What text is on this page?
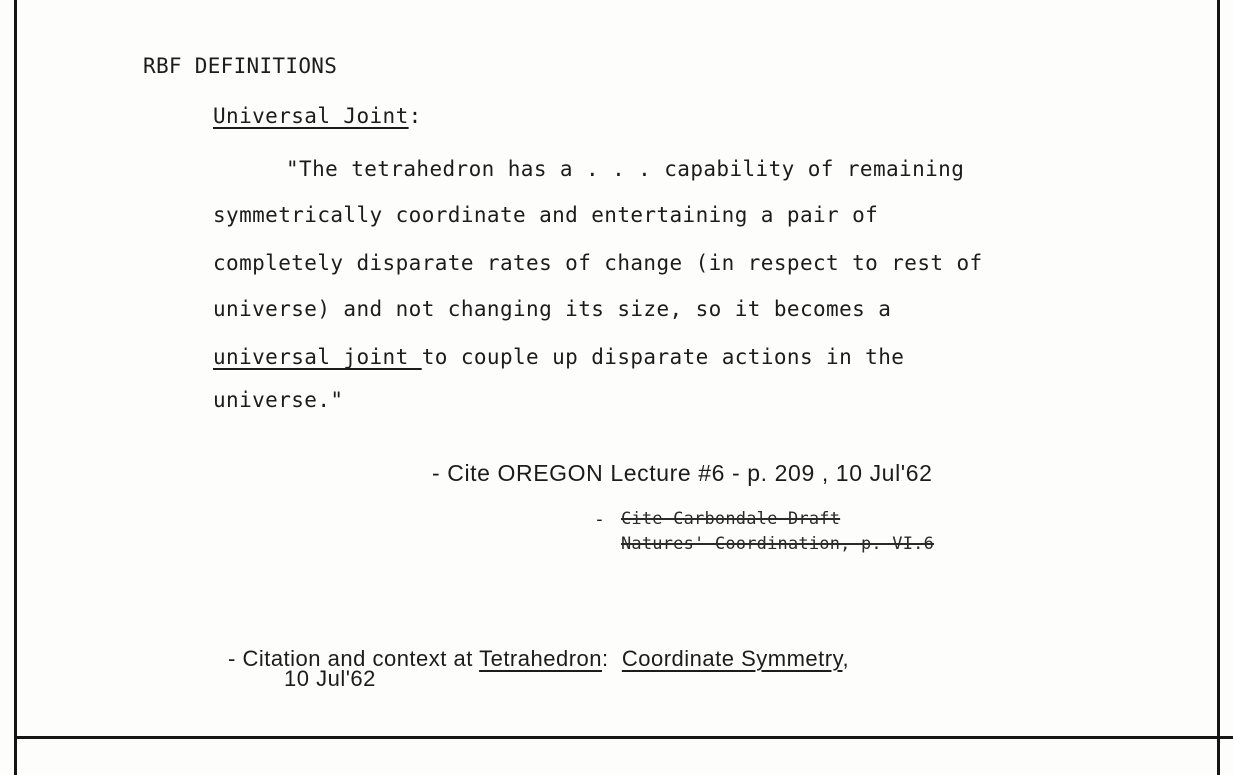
RBF DEFINITIONS
Universal Joint:
"The tetrahedron has a . . . capability of remaining
symmetrically coordinate and entertaining a pair of
completely disparate rates of change (in respect to rest of
universe) and not changing its size, so it becomes a
universal joint to couple up disparate actions in the
universe."
- Cite OREGON Lecture #6 - p. 209 , 10 Jul'62
- Cite Carbondale Draft
Natures' Coordination, p. VI.6
- Citation and context at Tetrahedron: Coordinate Symmetry,
10 Jul'62
